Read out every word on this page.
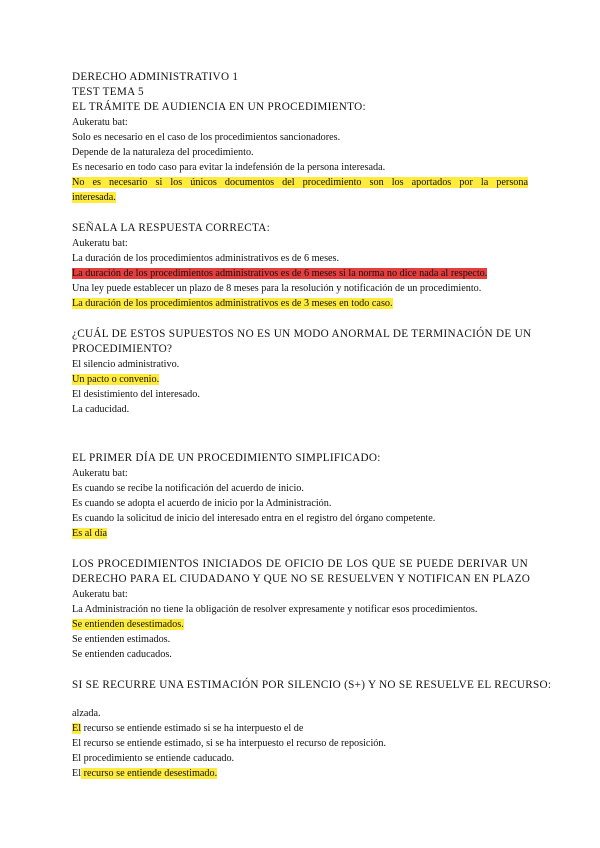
DERECHO ADMINISTRATIVO 1
TEST TEMA 5
EL TRÁMITE DE AUDIENCIA EN UN PROCEDIMIENTO:
Aukeratu bat:
Solo es necesario en el caso de los procedimientos sancionadores.
Depende de la naturaleza del procedimiento.
Es necesario en todo caso para evitar la indefensión de la persona interesada.
No es necesario si los únicos documentos del procedimiento son los aportados por la persona
interesada.
SEÑALA LA RESPUESTA CORRECTA:
Aukeratu bat:
La duración de los procedimientos administrativos es de 6 meses.
La duración de los procedimientos administrativos es de 6 meses si la norma no dice nada al respecto.
Una ley puede establecer un plazo de 8 meses para la resolución y notificación de un procedimiento.
La duración de los procedimientos administrativos es de 3 meses en todo caso.
¿CUÁL DE ESTOS SUPUESTOS NO ES UN MODO ANORMAL DE TERMINACIÓN DE UN
PROCEDIMIENTO?
El silencio administrativo.
Un pacto o convenio.
El desistimiento del interesado.
La caducidad.
EL PRIMER DÍA DE UN PROCEDIMIENTO SIMPLIFICADO:
Aukeratu bat:
Es cuando se recibe la notificación del acuerdo de inicio.
Es cuando se adopta el acuerdo de inicio por la Administración.
Es cuando la solicitud de inicio del interesado entra en el registro del órgano competente.
Es al día
LOS PROCEDIMIENTOS INICIADOS DE OFICIO DE LOS QUE SE PUEDE DERIVAR UN
DERECHO PARA EL CIUDADANO Y QUE NO SE RESUELVEN Y NOTIFICAN EN PLAZO
Aukeratu bat:
La Administración no tiene la obligación de resolver expresamente y notificar esos procedimientos.
Se entienden desestimados.
Se entienden estimados.
Se entienden caducados.
SI SE RECURRE UNA ESTIMACIÓN POR SILENCIO (S+) Y NO SE RESUELVE EL RECURSO:
alzada.
El recurso se entiende estimado si se ha interpuesto el de
El recurso se entiende estimado, si se ha interpuesto el recurso de reposición.
El procedimiento se entiende caducado.
El recurso se entiende desestimado.
